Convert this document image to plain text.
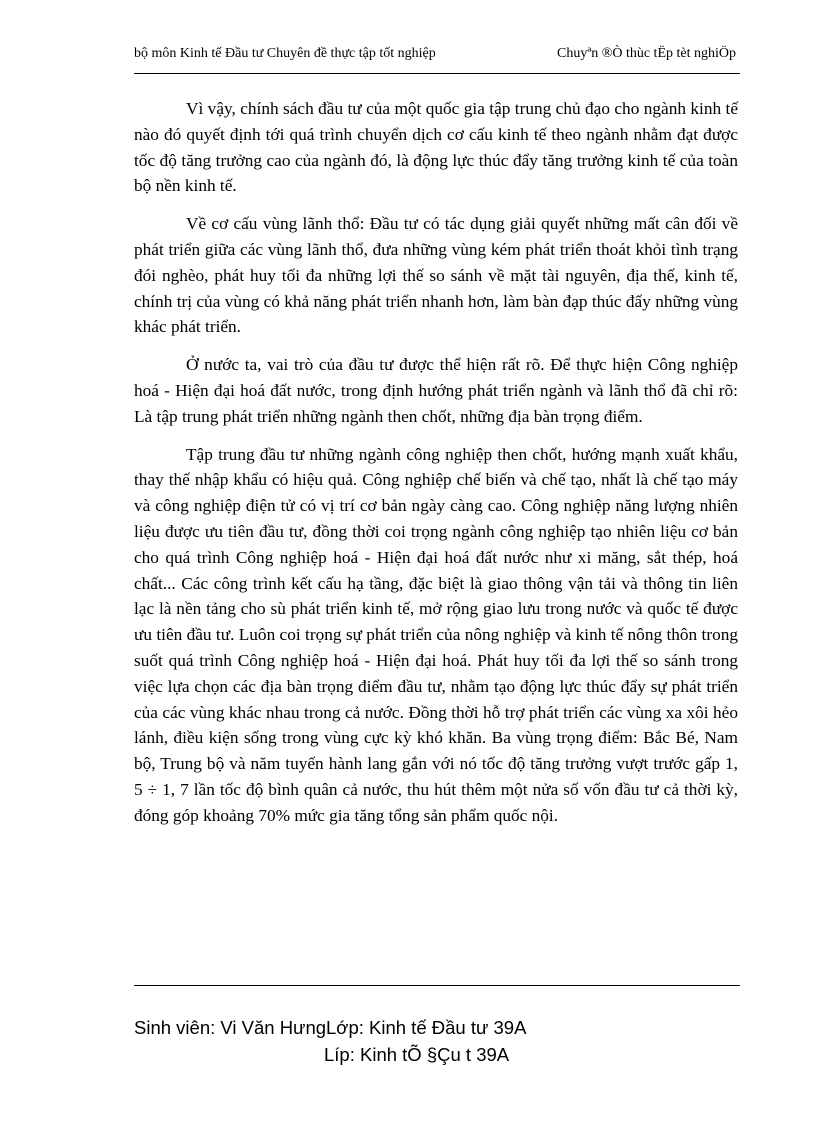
bộ môn Kinh tế Đầu tư Chuyên đề thực tập tốt nghiệp	Chuyªn ®Ò thùc tËp tèt nghiÖp

Vì vậy, chính sách đầu tư của một quốc gia tập trung chủ đạo cho ngành kinh tế nào đó quyết định tới quá trình chuyển dịch cơ cấu kinh tế theo ngành nhằm đạt được tốc độ tăng trưởng cao của ngành đó, là động lực thúc đẩy tăng trưởng kinh tế của toàn bộ nền kinh tế.

Về cơ cấu vùng lãnh thổ: Đầu tư có tác dụng giải quyết những mất cân đối về phát triển giữa các vùng lãnh thổ, đưa những vùng kém phát triển thoát khỏi tình trạng đói nghèo, phát huy tối đa những lợi thế so sánh về mặt tài nguyên, địa thế, kinh tế, chính trị của vùng có khả năng phát triển nhanh hơn, làm bàn đạp thúc đẩy những vùng khác phát triển.

Ở nước ta, vai trò của đầu tư được thể hiện rất rõ. Để thực hiện Công nghiệp hoá - Hiện đại hoá đất nước, trong định hướng phát triển ngành và lãnh thổ đã chỉ rõ: Là tập trung phát triển những ngành then chốt, những địa bàn trọng điểm.

Tập trung đầu tư những ngành công nghiệp then chốt, hướng mạnh xuất khẩu, thay thế nhập khẩu có hiệu quả. Công nghiệp chế biến và chế tạo, nhất là chế tạo máy và công nghiệp điện tử có vị trí cơ bản ngày càng cao. Công nghiệp năng lượng nhiên liệu được ưu tiên đầu tư, đồng thời coi trọng ngành công nghiệp tạo nhiên liệu cơ bản cho quá trình Công nghiệp hoá - Hiện đại hoá đất nước như xi măng, sắt thép, hoá chất... Các công trình kết cấu hạ tầng, đặc biệt là giao thông vận tải và thông tin liên lạc là nền tảng cho sù phát triển kinh tế, mở rộng giao lưu trong nước và quốc tế được ưu tiên đầu tư. Luôn coi trọng sự phát triển của nông nghiệp và kinh tế nông thôn trong suốt quá trình Công nghiệp hoá - Hiện đại hoá. Phát huy tối đa lợi thế so sánh trong việc lựa chọn các địa bàn trọng điểm đầu tư, nhằm tạo động lực thúc đẩy sự phát triển của các vùng khác nhau trong cả nước. Đồng thời hỗ trợ phát triển các vùng xa xôi hẻo lánh, điều kiện sống trong vùng cực kỳ khó khăn. Ba vùng trọng điểm: Bắc Bé, Nam bộ, Trung bộ và năm tuyến hành lang gắn với nó tốc độ tăng trưởng vượt trước gấp 1, 5 ÷ 1, 7 lần tốc độ bình quân cả nước, thu hút thêm một nửa số vốn đầu tư cả thời kỳ, đóng góp khoảng 70% mức gia tăng tổng sản phẩm quốc nội.

Sinh viên: Vi Văn HưngLớp: Kinh tế Đầu tư 39A
Líp: Kinh tÕ §Çu t 39A
